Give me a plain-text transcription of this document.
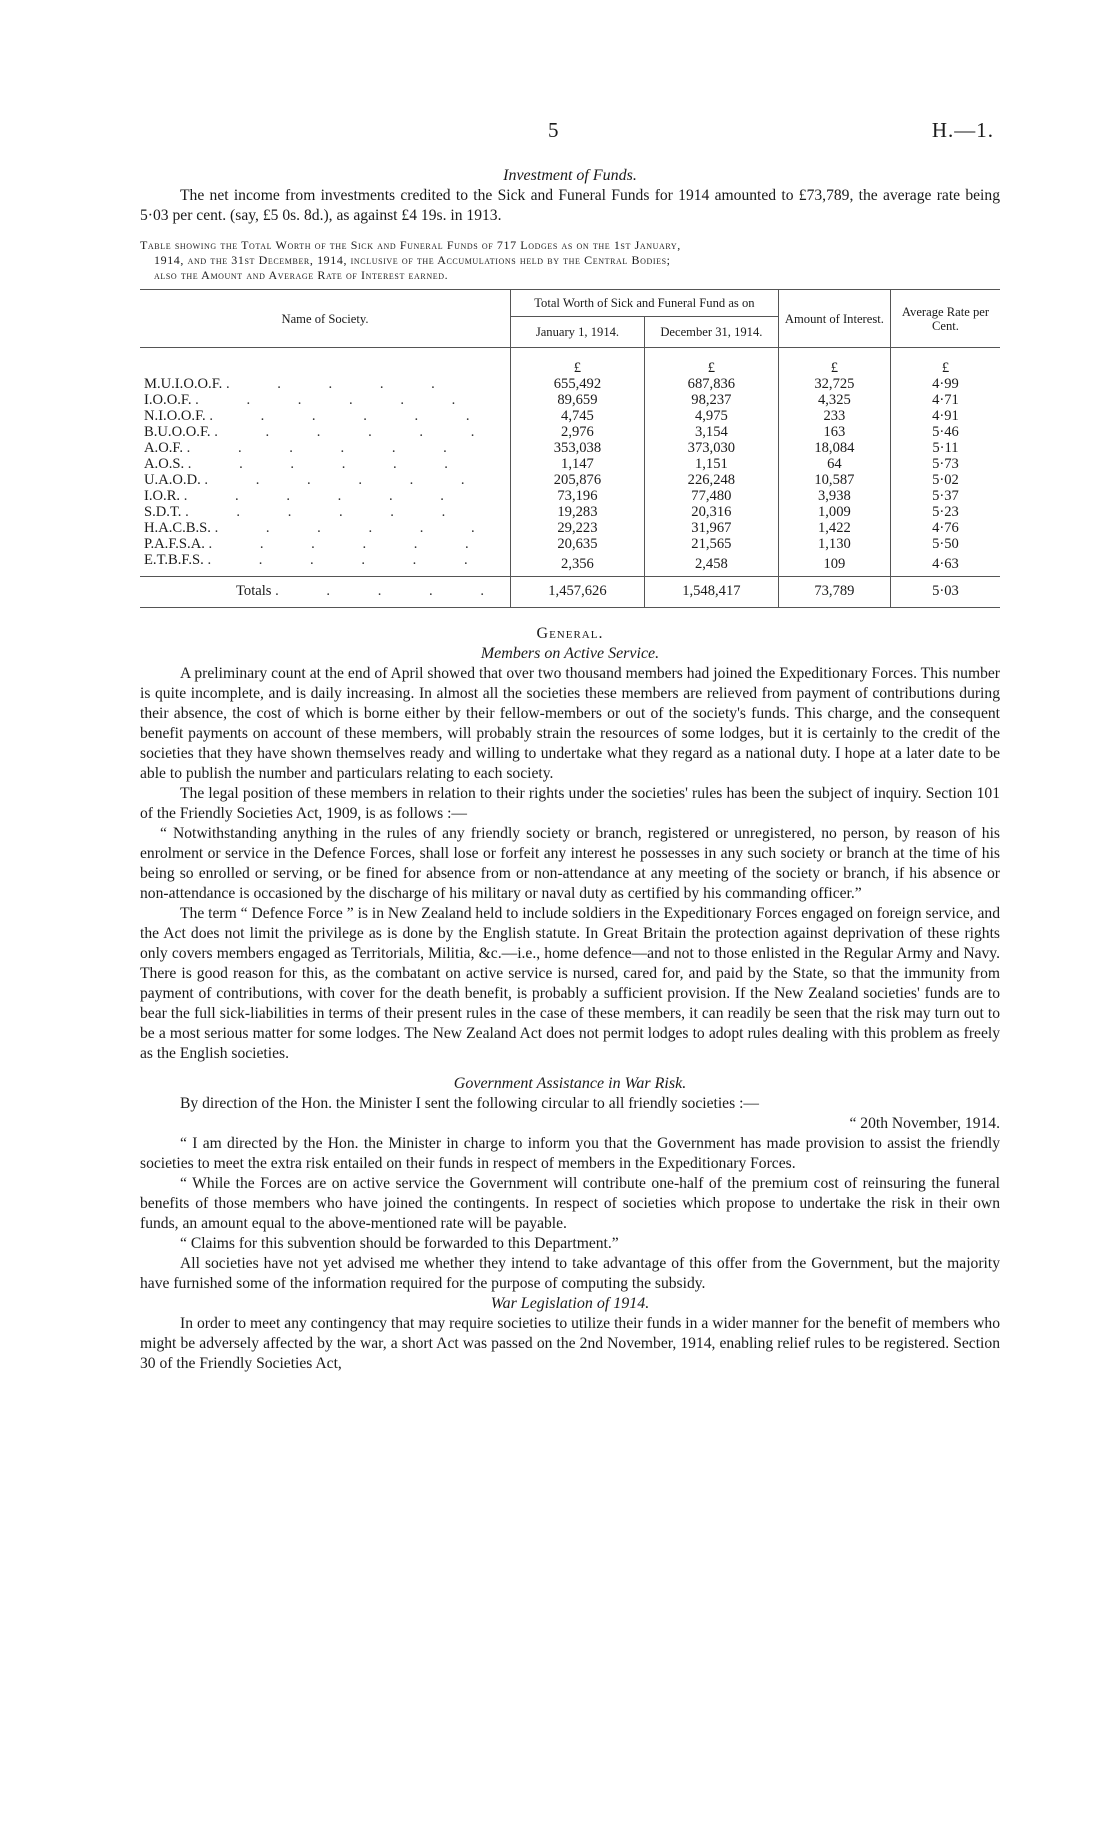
5	H.—1.
Investment of Funds.

The net income from investments credited to the Sick and Funeral Funds for 1914 amounted to £73,789, the average rate being 5·03 per cent. (say, £5 0s. 8d.), as against £4 19s. in 1913.

Table showing the Total Worth of the Sick and Funeral Funds of 717 Lodges as on the 1st January,
1914, and the 31st December, 1914, inclusive of the Accumulations held by the Central Bodies;
also the Amount and Average Rate of Interest earned.
Name of Society.	Total Worth of Sick and Funeral Fund as on		Amount of Interest.	Average Rate per Cent.
	January 1, 1914.	December 31, 1914.		
	£	£	£	£
M.U.I.O.O.F. . . . . .	655,492	687,836	32,725	4·99
I.O.O.F. . . . . . .	89,659	98,237	4,325	4·71
N.I.O.O.F. . . . . . .	4,745	4,975	233	4·91
B.U.O.O.F. . . . . . .	2,976	3,154	163	5·46
A.O.F. . . . . . .	353,038	373,030	18,084	5·11
A.O.S. . . . . . .	1,147	1,151	64	5·73
U.A.O.D. . . . . . .	205,876	226,248	10,587	5·02
I.O.R. . . . . . .	73,196	77,480	3,938	5·37
S.D.T. . . . . . .	19,283	20,316	1,009	5·23
H.A.C.B.S. . . . . . .	29,223	31,967	1,422	4·76
P.A.F.S.A. . . . . . .	20,635	21,565	1,130	5·50
E.T.B.F.S. . . . . . .	2,356	2,458	109	4·63
Totals . . . . .	1,457,626	1,548,417	73,789	5·03
General.
Members on Active Service.

A preliminary count at the end of April showed that over two thousand members had joined the Expeditionary Forces. This number is quite incomplete, and is daily increasing. In almost all the societies these members are relieved from payment of contributions during their absence, the cost of which is borne either by their fellow-members or out of the society's funds. This charge, and the consequent benefit payments on account of these members, will probably strain the resources of some lodges, but it is certainly to the credit of the societies that they have shown themselves ready and willing to undertake what they regard as a national duty. I hope at a later date to be able to publish the number and particulars relating to each society.

The legal position of these members in relation to their rights under the societies' rules has been the subject of inquiry. Section 101 of the Friendly Societies Act, 1909, is as follows :—

“ Notwithstanding anything in the rules of any friendly society or branch, registered or unregistered, no person, by reason of his enrolment or service in the Defence Forces, shall lose or forfeit any interest he possesses in any such society or branch at the time of his being so enrolled or serving, or be fined for absence from or non-attendance at any meeting of the society or branch, if his absence or non-attendance is occasioned by the discharge of his military or naval duty as certified by his commanding officer.”

The term “ Defence Force ” is in New Zealand held to include soldiers in the Expeditionary Forces engaged on foreign service, and the Act does not limit the privilege as is done by the English statute. In Great Britain the protection against deprivation of these rights only covers members engaged as Territorials, Militia, &c.—i.e., home defence—and not to those enlisted in the Regular Army and Navy. There is good reason for this, as the combatant on active service is nursed, cared for, and paid by the State, so that the immunity from payment of contributions, with cover for the death benefit, is probably a sufficient provision. If the New Zealand societies' funds are to bear the full sick-liabilities in terms of their present rules in the case of these members, it can readily be seen that the risk may turn out to be a most serious matter for some lodges. The New Zealand Act does not permit lodges to adopt rules dealing with this problem as freely as the English societies.

Government Assistance in War Risk.

By direction of the Hon. the Minister I sent the following circular to all friendly societies :—

“ 20th November, 1914.

“ I am directed by the Hon. the Minister in charge to inform you that the Government has made provision to assist the friendly societies to meet the extra risk entailed on their funds in respect of members in the Expeditionary Forces.

“ While the Forces are on active service the Government will contribute one-half of the premium cost of reinsuring the funeral benefits of those members who have joined the contingents. In respect of societies which propose to undertake the risk in their own funds, an amount equal to the above-mentioned rate will be payable.

“ Claims for this subvention should be forwarded to this Department.”

All societies have not yet advised me whether they intend to take advantage of this offer from the Government, but the majority have furnished some of the information required for the purpose of computing the subsidy.

War Legislation of 1914.

In order to meet any contingency that may require societies to utilize their funds in a wider manner for the benefit of members who might be adversely affected by the war, a short Act was passed on the 2nd November, 1914, enabling relief rules to be registered. Section 30 of the Friendly Societies Act,
